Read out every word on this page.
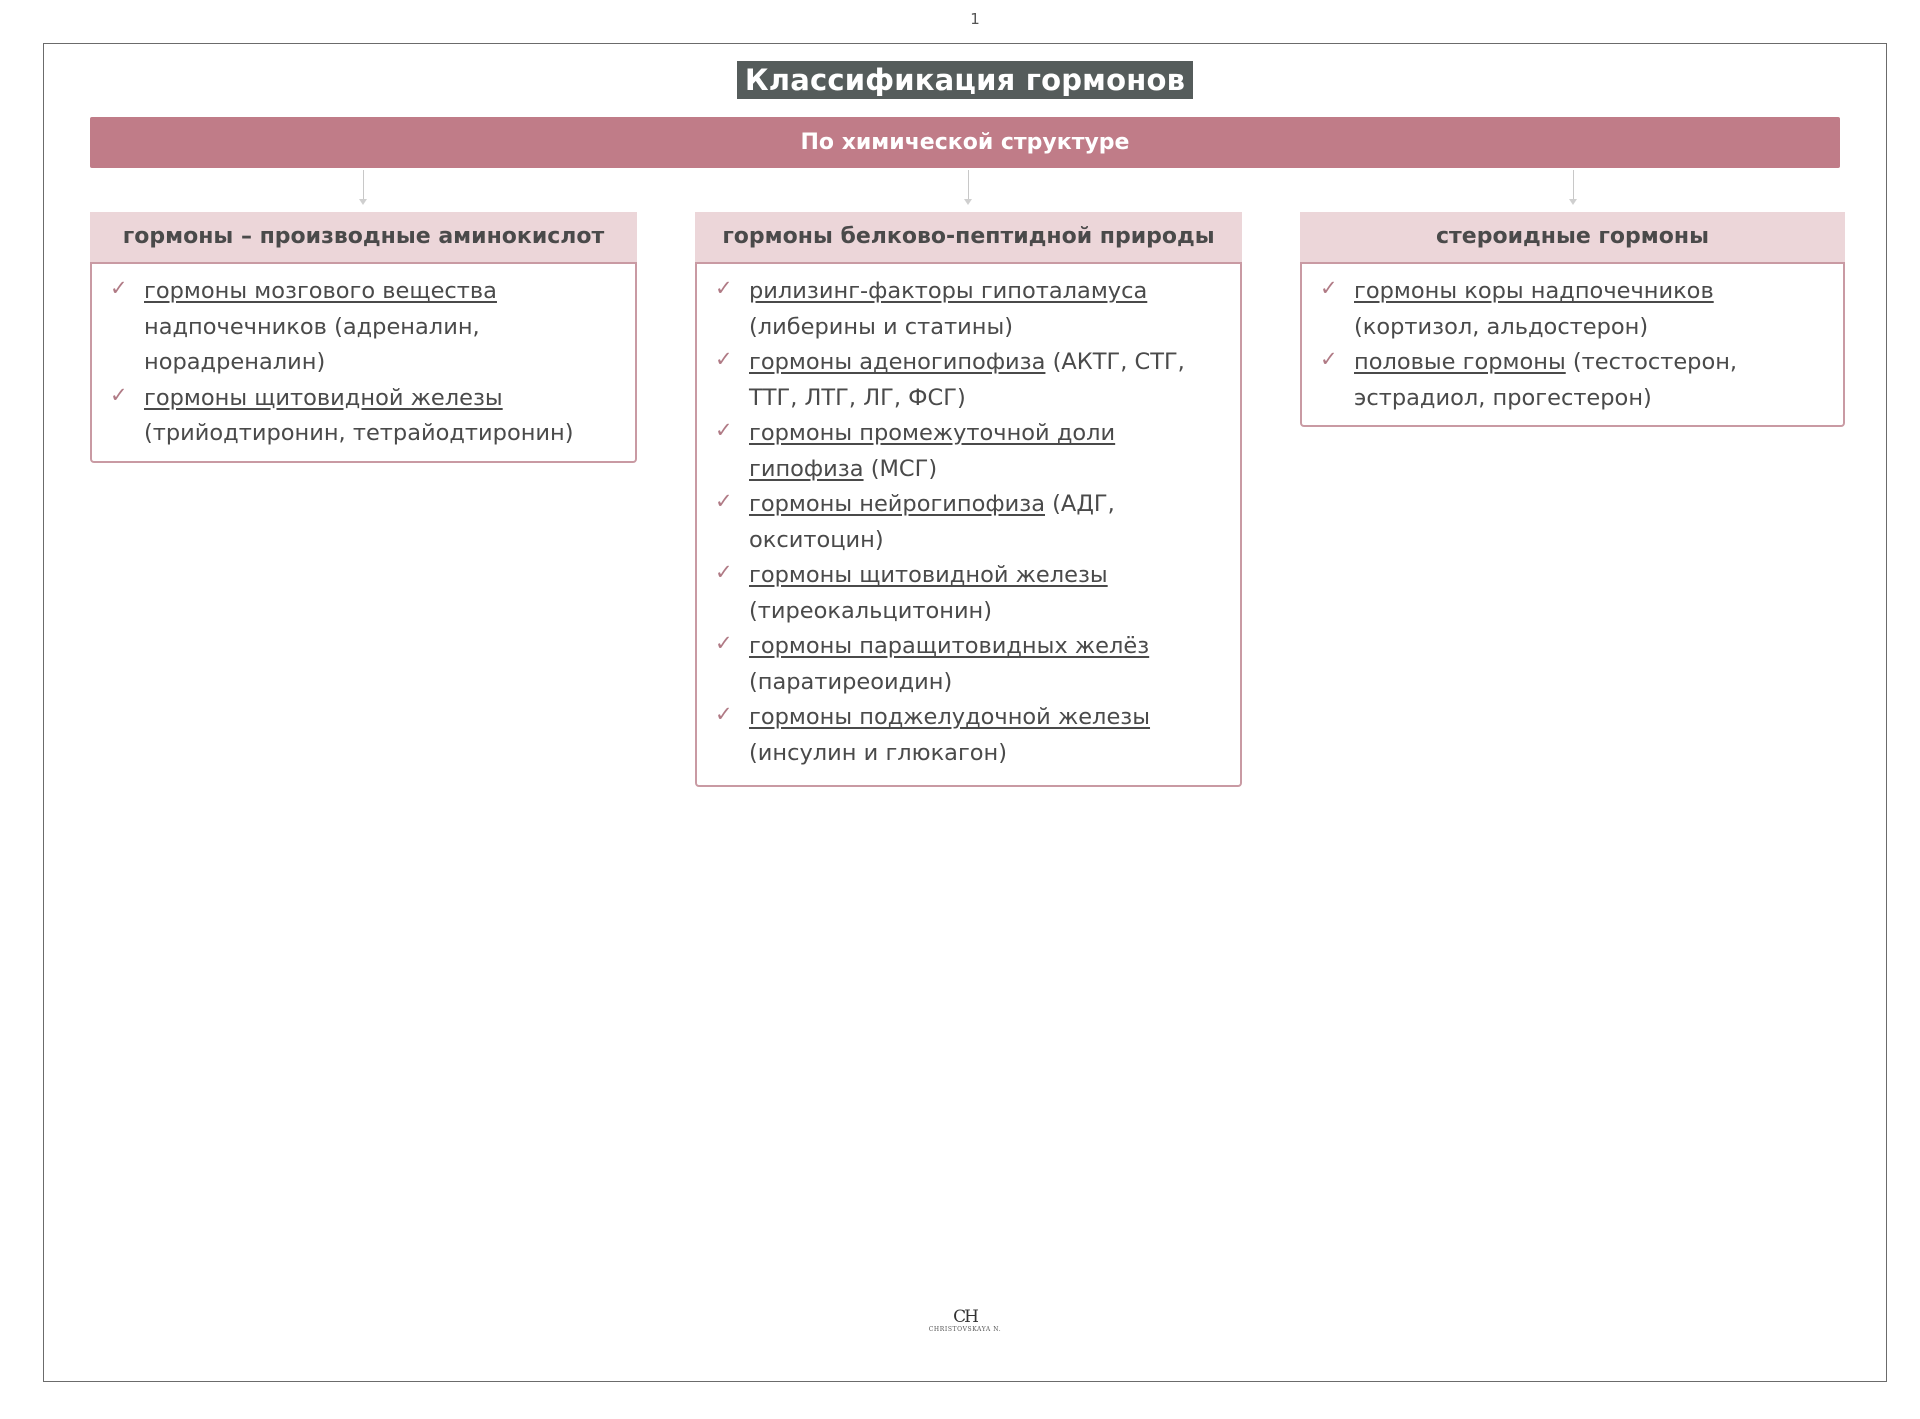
1
Классификация гормонов
По химической структуре
гормоны – производные аминокислот
✓ гормоны мозгового вещества надпочечников (адреналин, норадреналин)
✓ гормоны щитовидной железы (трийодтиронин, тетрайодтиронин)
гормоны белково-пептидной природы
✓ рилизинг-факторы гипоталамуса (либерины и статины)
✓ гормоны аденогипофиза (АКТГ, СТГ, ТТГ, ЛТГ, ЛГ, ФСГ)
✓ гормоны промежуточной доли гипофиза (МСГ)
✓ гормоны нейрогипофиза (АДГ, окситоцин)
✓ гормоны щитовидной железы (тиреокальцитонин)
✓ гормоны паращитовидных желёз (паратиреоидин)
✓ гормоны поджелудочной железы (инсулин и глюкагон)
стероидные гормоны
✓ гормоны коры надпочечников (кортизол, альдостерон)
✓ половые гормоны (тестостерон, эстрадиол, прогестерон)
CH
CHRISTOVSKAYA N.
